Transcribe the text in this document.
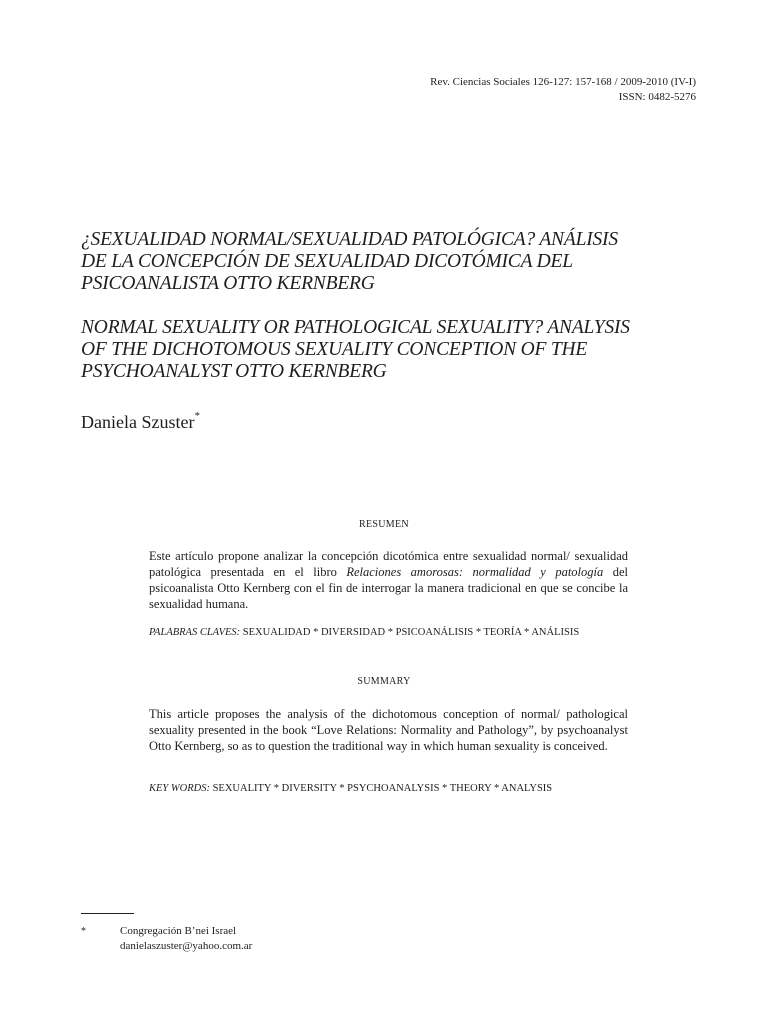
Rev. Ciencias Sociales 126-127: 157-168 / 2009-2010 (IV-I)
ISSN: 0482-5276

¿SEXUALIDAD NORMAL/SEXUALIDAD PATOLÓGICA? ANÁLISIS
DE LA CONCEPCIÓN DE SEXUALIDAD DICOTÓMICA DEL
PSICOANALISTA OTTO KERNBERG

NORMAL SEXUALITY OR PATHOLOGICAL SEXUALITY? ANALYSIS
OF THE DICHOTOMOUS SEXUALITY CONCEPTION OF THE
PSYCHOANALYST OTTO KERNBERG

Daniela Szuster*
RESUMEN

Este artículo propone analizar la concepción dicotómica entre sexualidad normal/ sexualidad patológica presentada en el libro Relaciones amorosas: normalidad y patología del psicoanalista Otto Kernberg con el fin de interrogar la manera tradicional en que se concibe la sexualidad humana.

PALABRAS CLAVES: SEXUALIDAD * DIVERSIDAD * PSICOANÁLISIS * TEORÍA * ANÁLISIS
SUMMARY

This article proposes the analysis of the dichotomous conception of normal/ pathological sexuality presented in the book “Love Relations: Normality and Pathology”, by psychoanalyst Otto Kernberg, so as to question the traditional way in which human sexuality is conceived.

KEY WORDS: SEXUALITY * DIVERSITY * PSYCHOANALYSIS * THEORY * ANALYSIS
*	Congregación B’nei Israel
danielaszuster@yahoo.com.ar
